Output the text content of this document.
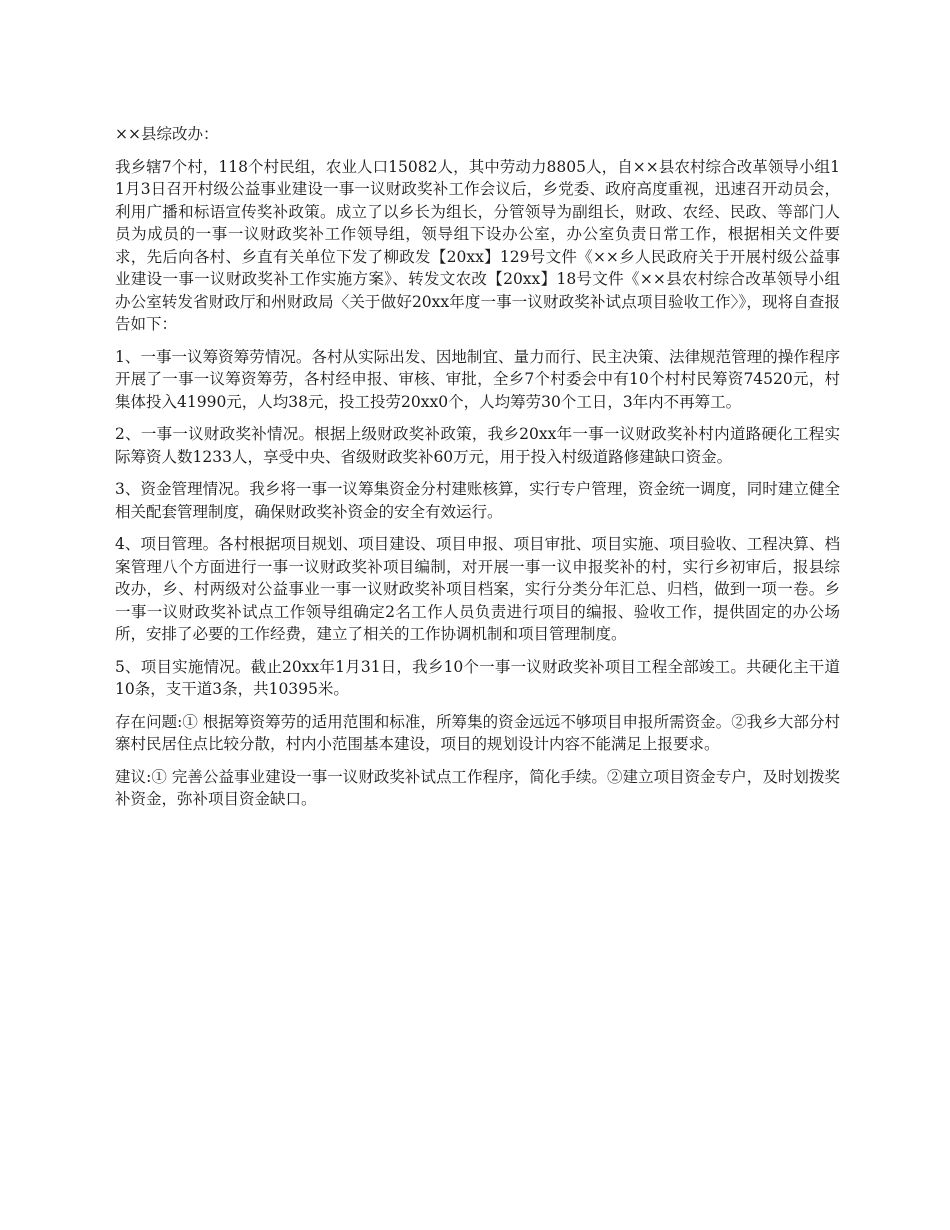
××县综改办：

我乡辖7个村，118个村民组，农业人口15082人，其中劳动力8805人，自××县农村综合改革领导小组11月3日召开村级公益事业建设一事一议财政奖补工作会议后，乡党委、政府高度重视，迅速召开动员会，利用广播和标语宣传奖补政策。成立了以乡长为组长，分管领导为副组长，财政、农经、民政、等部门人员为成员的一事一议财政奖补工作领导组，领导组下设办公室，办公室负责日常工作，根据相关文件要求，先后向各村、乡直有关单位下发了柳政发【20xx】129号文件《××乡人民政府关于开展村级公益事业建设一事一议财政奖补工作实施方案》、转发文农改【20xx】18号文件《××县农村综合改革领导小组办公室转发省财政厅和州财政局〈关于做好20xx年度一事一议财政奖补试点项目验收工作〉》，现将自查报告如下：

1、一事一议筹资筹劳情况。各村从实际出发、因地制宜、量力而行、民主决策、法律规范管理的操作程序开展了一事一议筹资筹劳，各村经申报、审核、审批，全乡7个村委会中有10个村村民筹资74520元，村集体投入41990元，人均38元，投工投劳20xx0个，人均筹劳30个工日，3年内不再筹工。

2、一事一议财政奖补情况。根据上级财政奖补政策，我乡20xx年一事一议财政奖补村内道路硬化工程实际筹资人数1233人，享受中央、省级财政奖补60万元，用于投入村级道路修建缺口资金。

3、资金管理情况。我乡将一事一议筹集资金分村建账核算，实行专户管理，资金统一调度，同时建立健全相关配套管理制度，确保财政奖补资金的安全有效运行。

4、项目管理。各村根据项目规划、项目建设、项目申报、项目审批、项目实施、项目验收、工程决算、档案管理八个方面进行一事一议财政奖补项目编制，对开展一事一议申报奖补的村，实行乡初审后，报县综改办，乡、村两级对公益事业一事一议财政奖补项目档案，实行分类分年汇总、归档，做到一项一卷。乡一事一议财政奖补试点工作领导组确定2名工作人员负责进行项目的编报、验收工作，提供固定的办公场所，安排了必要的工作经费，建立了相关的工作协调机制和项目管理制度。

5、项目实施情况。截止20xx年1月31日，我乡10个一事一议财政奖补项目工程全部竣工。共硬化主干道10条，支干道3条，共10395米。

存在问题:① 根据筹资筹劳的适用范围和标准，所筹集的资金远远不够项目申报所需资金。②我乡大部分村寨村民居住点比较分散，村内小范围基本建设，项目的规划设计内容不能满足上报要求。

建议:① 完善公益事业建设一事一议财政奖补试点工作程序，简化手续。②建立项目资金专户，及时划拨奖补资金，弥补项目资金缺口。
